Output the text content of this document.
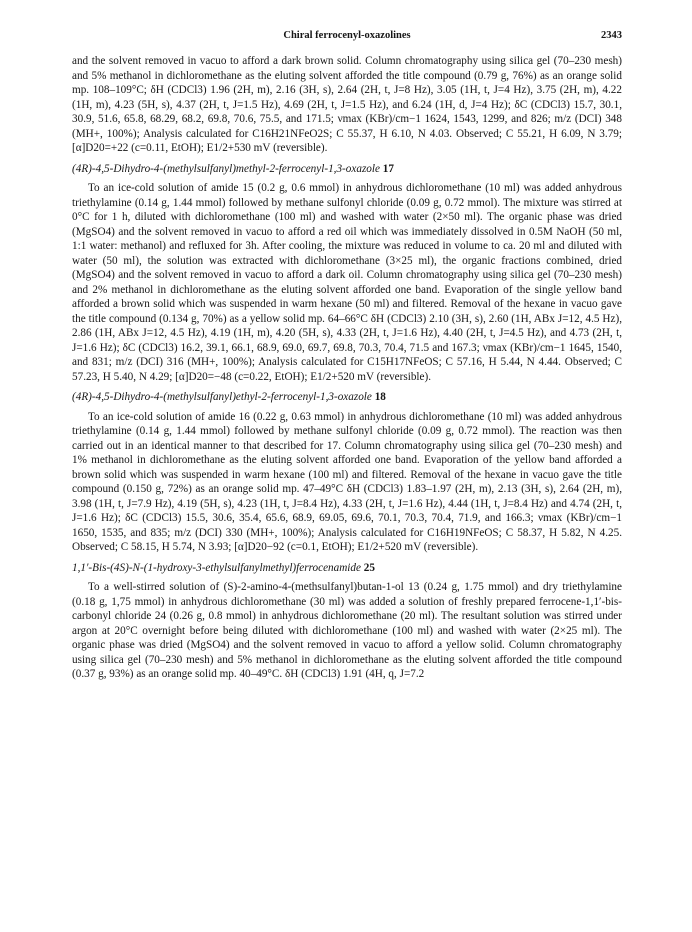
Chiral ferrocenyl-oxazolines	2343

and the solvent removed in vacuo to afford a dark brown solid. Column chromatography using silica gel (70–230 mesh) and 5% methanol in dichloromethane as the eluting solvent afforded the title compound (0.79 g, 76%) as an orange solid mp. 108–109°C; δH (CDCl3) 1.96 (2H, m), 2.16 (3H, s), 2.64 (2H, t, J=8 Hz), 3.05 (1H, t, J=4 Hz), 3.75 (2H, m), 4.22 (1H, m), 4.23 (5H, s), 4.37 (2H, t, J=1.5 Hz), 4.69 (2H, t, J=1.5 Hz), and 6.24 (1H, d, J=4 Hz); δC (CDCl3) 15.7, 30.1, 30.9, 51.6, 65.8, 68.29, 68.2, 69.8, 70.6, 75.5, and 171.5; νmax (KBr)/cm−1 1624, 1543, 1299, and 826; m/z (DCI) 348 (MH+, 100%); Analysis calculated for C16H21NFeO2S; C 55.37, H 6.10, N 4.03. Observed; C 55.21, H 6.09, N 3.79; [α]D20=+22 (c=0.11, EtOH); E1/2+530 mV (reversible).

(4R)-4,5-Dihydro-4-(methylsulfanyl)methyl-2-ferrocenyl-1,3-oxazole 17

To an ice-cold solution of amide 15 (0.2 g, 0.6 mmol) in anhydrous dichloromethane (10 ml) was added anhydrous triethylamine (0.14 g, 1.44 mmol) followed by methane sulfonyl chloride (0.09 g, 0.72 mmol). The mixture was stirred at 0°C for 1 h, diluted with dichloromethane (100 ml) and washed with water (2×50 ml). The organic phase was dried (MgSO4) and the solvent removed in vacuo to afford a red oil which was immediately dissolved in 0.5M NaOH (50 ml, 1:1 water: methanol) and refluxed for 3h. After cooling, the mixture was reduced in volume to ca. 20 ml and diluted with water (50 ml), the solution was extracted with dichloromethane (3×25 ml), the organic fractions combined, dried (MgSO4) and the solvent removed in vacuo to afford a dark oil. Column chromatography using silica gel (70–230 mesh) and 2% methanol in dichloromethane as the eluting solvent afforded one band. Evaporation of the single yellow band afforded a brown solid which was suspended in warm hexane (50 ml) and filtered. Removal of the hexane in vacuo gave the title compound (0.134 g, 70%) as a yellow solid mp. 64–66°C δH (CDCl3) 2.10 (3H, s), 2.60 (1H, ABx J=12, 4.5 Hz), 2.86 (1H, ABx J=12, 4.5 Hz), 4.19 (1H, m), 4.20 (5H, s), 4.33 (2H, t, J=1.6 Hz), 4.40 (2H, t, J=4.5 Hz), and 4.73 (2H, t, J=1.6 Hz); δC (CDCl3) 16.2, 39.1, 66.1, 68.9, 69.0, 69.7, 69.8, 70.3, 70.4, 71.5 and 167.3; νmax (KBr)/cm−1 1645, 1540, and 831; m/z (DCI) 316 (MH+, 100%); Analysis calculated for C15H17NFeOS; C 57.16, H 5.44, N 4.44. Observed; C 57.23, H 5.40, N 4.29; [α]D20=−48 (c=0.22, EtOH); E1/2+520 mV (reversible).

(4R)-4,5-Dihydro-4-(methylsulfanyl)ethyl-2-ferrocenyl-1,3-oxazole 18

To an ice-cold solution of amide 16 (0.22 g, 0.63 mmol) in anhydrous dichloromethane (10 ml) was added anhydrous triethylamine (0.14 g, 1.44 mmol) followed by methane sulfonyl chloride (0.09 g, 0.72 mmol). The reaction was then carried out in an identical manner to that described for 17. Column chromatography using silica gel (70–230 mesh) and 1% methanol in dichloromethane as the eluting solvent afforded one band. Evaporation of the yellow band afforded a brown solid which was suspended in warm hexane (100 ml) and filtered. Removal of the hexane in vacuo gave the title compound (0.150 g, 72%) as an orange solid mp. 47–49°C δH (CDCl3) 1.83–1.97 (2H, m), 2.13 (3H, s), 2.64 (2H, m), 3.98 (1H, t, J=7.9 Hz), 4.19 (5H, s), 4.23 (1H, t, J=8.4 Hz), 4.33 (2H, t, J=1.6 Hz), 4.44 (1H, t, J=8.4 Hz) and 4.74 (2H, t, J=1.6 Hz); δC (CDCl3) 15.5, 30.6, 35.4, 65.6, 68.9, 69.05, 69.6, 70.1, 70.3, 70.4, 71.9, and 166.3; νmax (KBr)/cm−1 1650, 1535, and 835; m/z (DCI) 330 (MH+, 100%); Analysis calculated for C16H19NFeOS; C 58.37, H 5.82, N 4.25. Observed; C 58.15, H 5.74, N 3.93; [α]D20−92 (c=0.1, EtOH); E1/2+520 mV (reversible).

1,1′-Bis-(4S)-N-(1-hydroxy-3-ethylsulfanylmethyl)ferrocenamide 25

To a well-stirred solution of (S)-2-amino-4-(methsulfanyl)butan-1-ol 13 (0.24 g, 1.75 mmol) and dry triethylamine (0.18 g, 1,75 mmol) in anhydrous dichloromethane (30 ml) was added a solution of freshly prepared ferrocene-1,1′-bis-carbonyl chloride 24 (0.26 g, 0.8 mmol) in anhydrous dichloromethane (20 ml). The resultant solution was stirred under argon at 20°C overnight before being diluted with dichloromethane (100 ml) and washed with water (2×25 ml). The organic phase was dried (MgSO4) and the solvent removed in vacuo to afford a yellow solid. Column chromatography using silica gel (70–230 mesh) and 5% methanol in dichloromethane as the eluting solvent afforded the title compound (0.37 g, 93%) as an orange solid mp. 40–49°C. δH (CDCl3) 1.91 (4H, q, J=7.2
